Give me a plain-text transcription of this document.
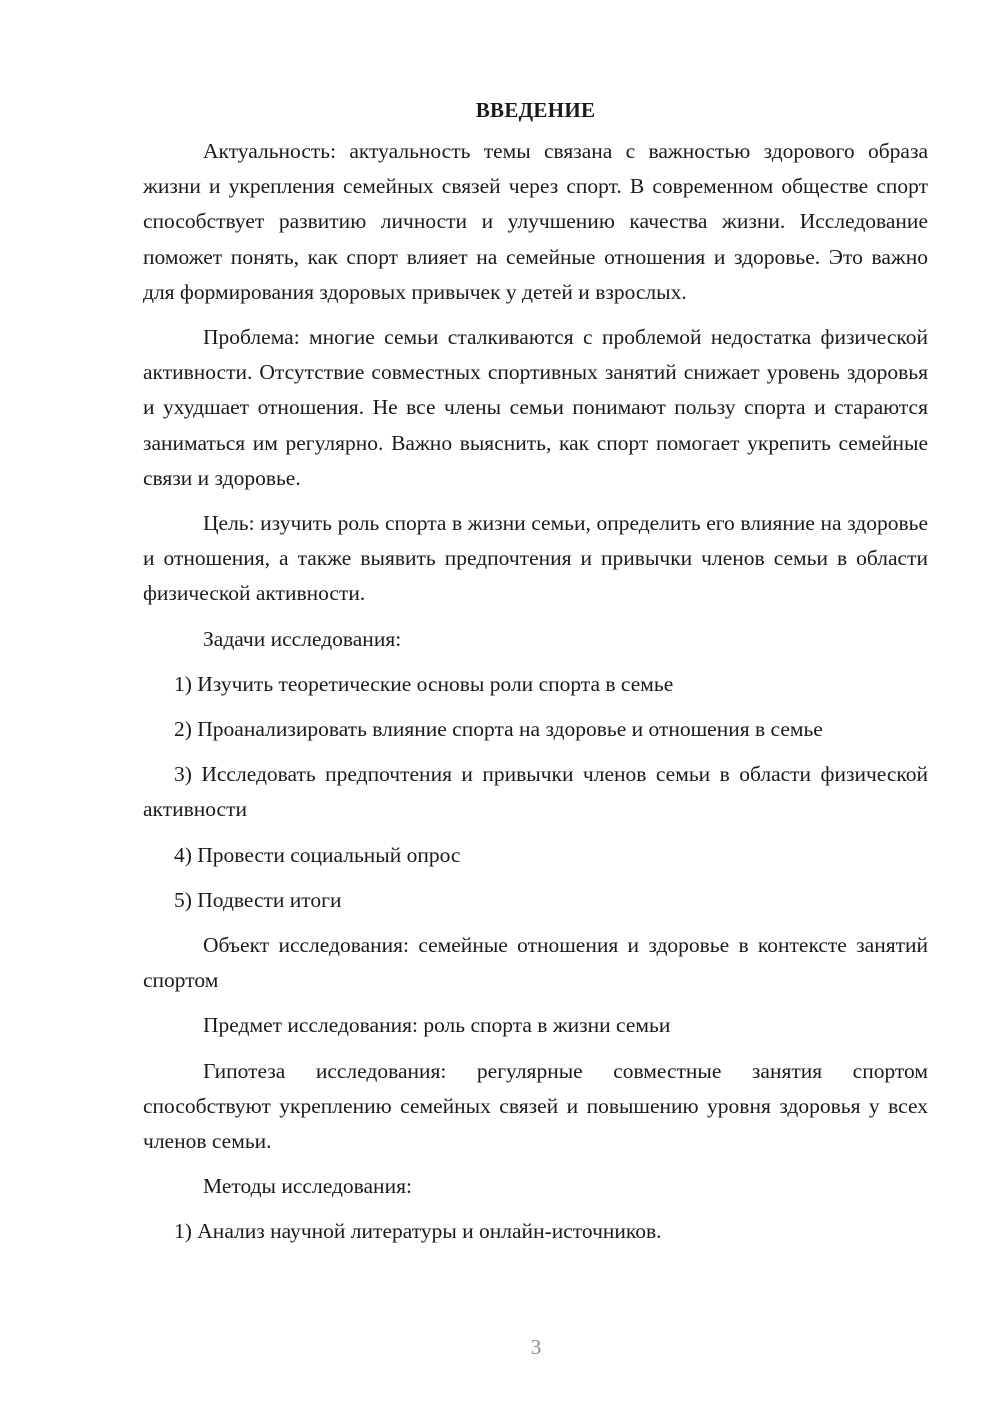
ВВЕДЕНИЕ

Актуальность: актуальность темы связана с важностью здорового образа жизни и укрепления семейных связей через спорт. В современном обществе спорт способствует развитию личности и улучшению качества жизни. Исследование поможет понять, как спорт влияет на семейные отношения и здоровье. Это важно для формирования здоровых привычек у детей и взрослых.

Проблема: многие семьи сталкиваются с проблемой недостатка физической активности. Отсутствие совместных спортивных занятий снижает уровень здоровья и ухудшает отношения. Не все члены семьи понимают пользу спорта и стараются заниматься им регулярно. Важно выяснить, как спорт помогает укрепить семейные связи и здоровье.

Цель: изучить роль спорта в жизни семьи, определить его влияние на здоровье и отношения, а также выявить предпочтения и привычки членов семьи в области физической активности.

Задачи исследования:

1) Изучить теоретические основы роли спорта в семье

2) Проанализировать влияние спорта на здоровье и отношения в семье

3) Исследовать предпочтения и привычки членов семьи в области физической активности

4) Провести социальный опрос

5) Подвести итоги

Объект исследования: семейные отношения и здоровье в контексте занятий спортом

Предмет исследования: роль спорта в жизни семьи

Гипотеза исследования: регулярные совместные занятия спортом способствуют укреплению семейных связей и повышению уровня здоровья у всех членов семьи.

Методы исследования:

1) Анализ научной литературы и онлайн-источников.

3
